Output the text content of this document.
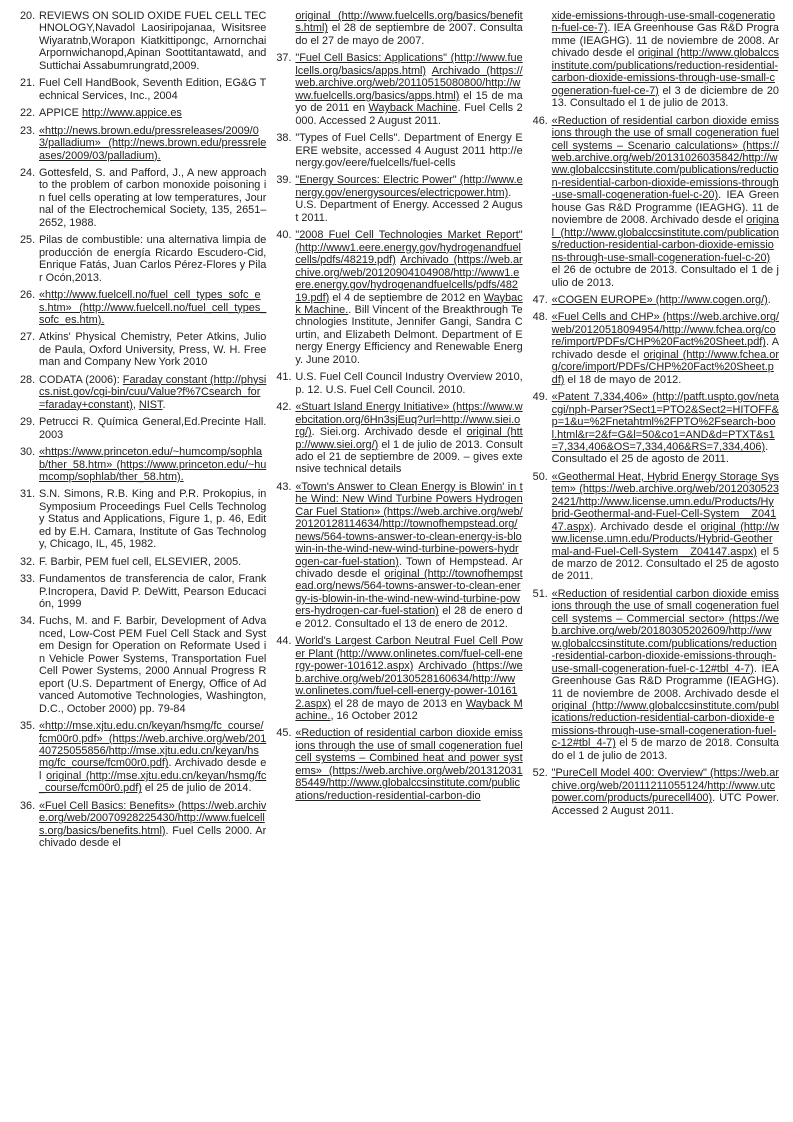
20. REVIEWS ON SOLID OXIDE FUEL CELL TECHNOLOGY,Navadol Laosiripojanaa, Wisitsree Wiyaratnb,Worapon Kiatkittipongc, Arnornchai Arpornwichanopd,Apinan Soottitantawatd, and Suttichai Assabumrungratd,2009.
21. Fuel Cell HandBook, Seventh Edition, EG&G Technical Services, Inc., 2004
22. APPICE http://www.appice.es
23. «http://news.brown.edu/pressreleases/2009/03/palladium» (http://news.brown.edu/pressreleases/2009/03/palladium).
24. Gottesfeld, S. and Pafford, J., A new approach to the problem of carbon monoxide poisoning in fuel cells operating at low temperatures, Journal of the Electrochemical Society, 135, 2651–2652, 1988.
25. Pilas de combustible: una alternativa limpia de producción de energía Ricardo Escudero-Cid, Enrique Fatás, Juan Carlos Pérez-Flores y Pilar Ocón,2013.
26. «http://www.fuelcell.no/fuel_cell_types_sofc_es.htm» (http://www.fuelcell.no/fuel_cell_types_sofc_es.htm).
27. Atkins' Physical Chemistry, Peter Atkins, Julio de Paula, Oxford University, Press, W. H. Freeman and Company New York 2010
28. CODATA (2006): Faraday constant (http://physics.nist.gov/cgi-bin/cuu/Value?f%7Csearch_for=faraday+constant), NIST.
29. Petrucci R. Química General,Ed.Precinte Hall.2003
30. «https://www.princeton.edu/~humcomp/sophlab/ther_58.htm» (https://www.princeton.edu/~humcomp/sophlab/ther_58.htm).
31. S.N. Simons, R.B. King and P.R. Prokopius, in Symposium Proceedings Fuel Cells Technology Status and Applications, Figure 1, p. 46, Edited by E.H. Camara, Institute of Gas Technology, Chicago, IL, 45, 1982.
32. F. Barbir, PEM fuel cell, ELSEVIER, 2005.
33. Fundamentos de transferencia de calor, Frank P.Incropera, David P. DeWitt, Pearson Educación, 1999
34. Fuchs, M. and F. Barbir, Development of Advanced, Low-Cost PEM Fuel Cell Stack and System Design for Operation on Reformate Used in Vehicle Power Systems, Transportation Fuel Cell Power Systems, 2000 Annual Progress Report (U.S. Department of Energy, Office of Advanced Automotive Technologies, Washington, D.C., October 2000) pp. 79-84
35. «http://mse.xjtu.edu.cn/keyan/hsmg/fc_course/fcm00r0.pdf» (https://web.archive.org/web/20140725055856/http://mse.xjtu.edu.cn/keyan/hsmg/fc_course/fcm00r0.pdf). Archivado desde el original (http://mse.xjtu.edu.cn/keyan/hsmg/fc_course/fcm00r0.pdf) el 25 de julio de 2014.
36. «Fuel Cell Basics: Benefits» (https://web.archive.org/web/20070928225430/http://www.fuelcells.org/basics/benefits.html). Fuel Cells 2000. Archivado desde el
original (http://www.fuelcells.org/basics/benefits.html) el 28 de septiembre de 2007. Consultado el 27 de mayo de 2007.
37. "Fuel Cell Basics: Applications" (http://www.fuelcells.org/basics/apps.html) Archivado (https://web.archive.org/web/20110515080800/http://www.fuelcells.org/basics/apps.html) el 15 de mayo de 2011 en Wayback Machine. Fuel Cells 2000. Accessed 2 August 2011.
38. "Types of Fuel Cells". Department of Energy EERE website, accessed 4 August 2011 http://energy.gov/eere/fuelcells/fuel-cells
39. "Energy Sources: Electric Power" (http://www.energy.gov/energysources/electricpower.htm). U.S. Department of Energy. Accessed 2 August 2011.
40. "2008 Fuel Cell Technologies Market Report" (http://www1.eere.energy.gov/hydrogenandfuelcells/pdfs/48219.pdf) Archivado (https://web.archive.org/web/20120904104908/http://www1.eere.energy.gov/hydrogenandfuelcells/pdfs/48219.pdf) el 4 de septiembre de 2012 en Wayback Machine.. Bill Vincent of the Breakthrough Technologies Institute, Jennifer Gangi, Sandra Curtin, and Elizabeth Delmont. Department of Energy Energy Efficiency and Renewable Energy. June 2010.
41. U.S. Fuel Cell Council Industry Overview 2010, p. 12. U.S. Fuel Cell Council. 2010.
42. «Stuart Island Energy Initiative» (https://www.webcitation.org/6Hn3sjEuq?url=http://www.siei.org/). Siei.org. Archivado desde el original (http://www.siei.org/) el 1 de julio de 2013. Consultado el 21 de septiembre de 2009. – gives extensive technical details
43. «Town's Answer to Clean Energy is Blowin' in the Wind: New Wind Turbine Powers Hydrogen Car Fuel Station» (https://web.archive.org/web/20120128114634/http://townofhempstead.org/news/564-towns-answer-to-clean-energy-is-blowin-in-the-wind-new-wind-turbine-powers-hydrogen-car-fuel-station). Town of Hempstead. Archivado desde el original (http://townofhempstead.org/news/564-towns-answer-to-clean-energy-is-blowin-in-the-wind-new-wind-turbine-powers-hydrogen-car-fuel-station) el 28 de enero de 2012. Consultado el 13 de enero de 2012.
44. World's Largest Carbon Neutral Fuel Cell Power Plant (http://www.onlinetes.com/fuel-cell-energy-power-101612.aspx) Archivado (https://web.archive.org/web/20130528160634/http://www.onlinetes.com/fuel-cell-energy-power-101612.aspx) el 28 de mayo de 2013 en Wayback Machine., 16 October 2012
45. «Reduction of residential carbon dioxide emissions through the use of small cogeneration fuel cell systems – Combined heat and power systems» (https://web.archive.org/web/20131203185449/http://www.globalccsinstitute.com/publications/reduction-residential-carbon-dio
xide-emissions-through-use-small-cogeneration-fuel-ce-7). IEA Greenhouse Gas R&D Programme (IEAGHG). 11 de noviembre de 2008. Archivado desde el original (http://www.globalccsinstitute.com/publications/reduction-residential-carbon-dioxide-emissions-through-use-small-cogeneration-fuel-ce-7) el 3 de diciembre de 2013. Consultado el 1 de julio de 2013.
46. «Reduction of residential carbon dioxide emissions through the use of small cogeneration fuel cell systems – Scenario calculations» (https://web.archive.org/web/20131026035842/http://www.globalccsinstitute.com/publications/reduction-residential-carbon-dioxide-emissions-through-use-small-cogeneration-fuel-c-20). IEA Greenhouse Gas R&D Programme (IEAGHG). 11 de noviembre de 2008. Archivado desde el original (http://www.globalccsinstitute.com/publications/reduction-residential-carbon-dioxide-emissions-through-use-small-cogeneration-fuel-c-20) el 26 de octubre de 2013. Consultado el 1 de julio de 2013.
47. «COGEN EUROPE» (http://www.cogen.org/).
48. «Fuel Cells and CHP» (https://web.archive.org/web/20120518094954/http://www.fchea.org/core/import/PDFs/CHP%20Fact%20Sheet.pdf). Archivado desde el original (http://www.fchea.org/core/import/PDFs/CHP%20Fact%20Sheet.pdf) el 18 de mayo de 2012.
49. «Patent 7,334,406» (http://patft.uspto.gov/netacgi/nph-Parser?Sect1=PTO2&Sect2=HITOFF&p=1&u=%2Fnetahtml%2FPTO%2Fsearch-bool.html&r=2&f=G&l=50&co1=AND&d=PTXT&s1=7,334,406&OS=7,334,406&RS=7,334,406). Consultado el 25 de agosto de 2011.
50. «Geothermal Heat, Hybrid Energy Storage System» (https://web.archive.org/web/20120305232421/http://www.license.umn.edu/Products/Hybrid-Geothermal-and-Fuel-Cell-System__Z04147.aspx). Archivado desde el original (http://www.license.umn.edu/Products/Hybrid-Geothermal-and-Fuel-Cell-System__Z04147.aspx) el 5 de marzo de 2012. Consultado el 25 de agosto de 2011.
51. «Reduction of residential carbon dioxide emissions through the use of small cogeneration fuel cell systems – Commercial sector» (https://web.archive.org/web/20180305202609/http://www.globalccsinstitute.com/publications/reduction-residential-carbon-dioxide-emissions-through-use-small-cogeneration-fuel-c-12#tbl_4-7). IEA Greenhouse Gas R&D Programme (IEAGHG). 11 de noviembre de 2008. Archivado desde el original (http://www.globalccsinstitute.com/publications/reduction-residential-carbon-dioxide-emissions-through-use-small-cogeneration-fuel-c-12#tbl_4-7) el 5 de marzo de 2018. Consultado el 1 de julio de 2013.
52. "PureCell Model 400: Overview" (https://web.archive.org/web/20111211055124/http://www.utcpower.com/products/purecell400). UTC Power. Accessed 2 August 2011.
